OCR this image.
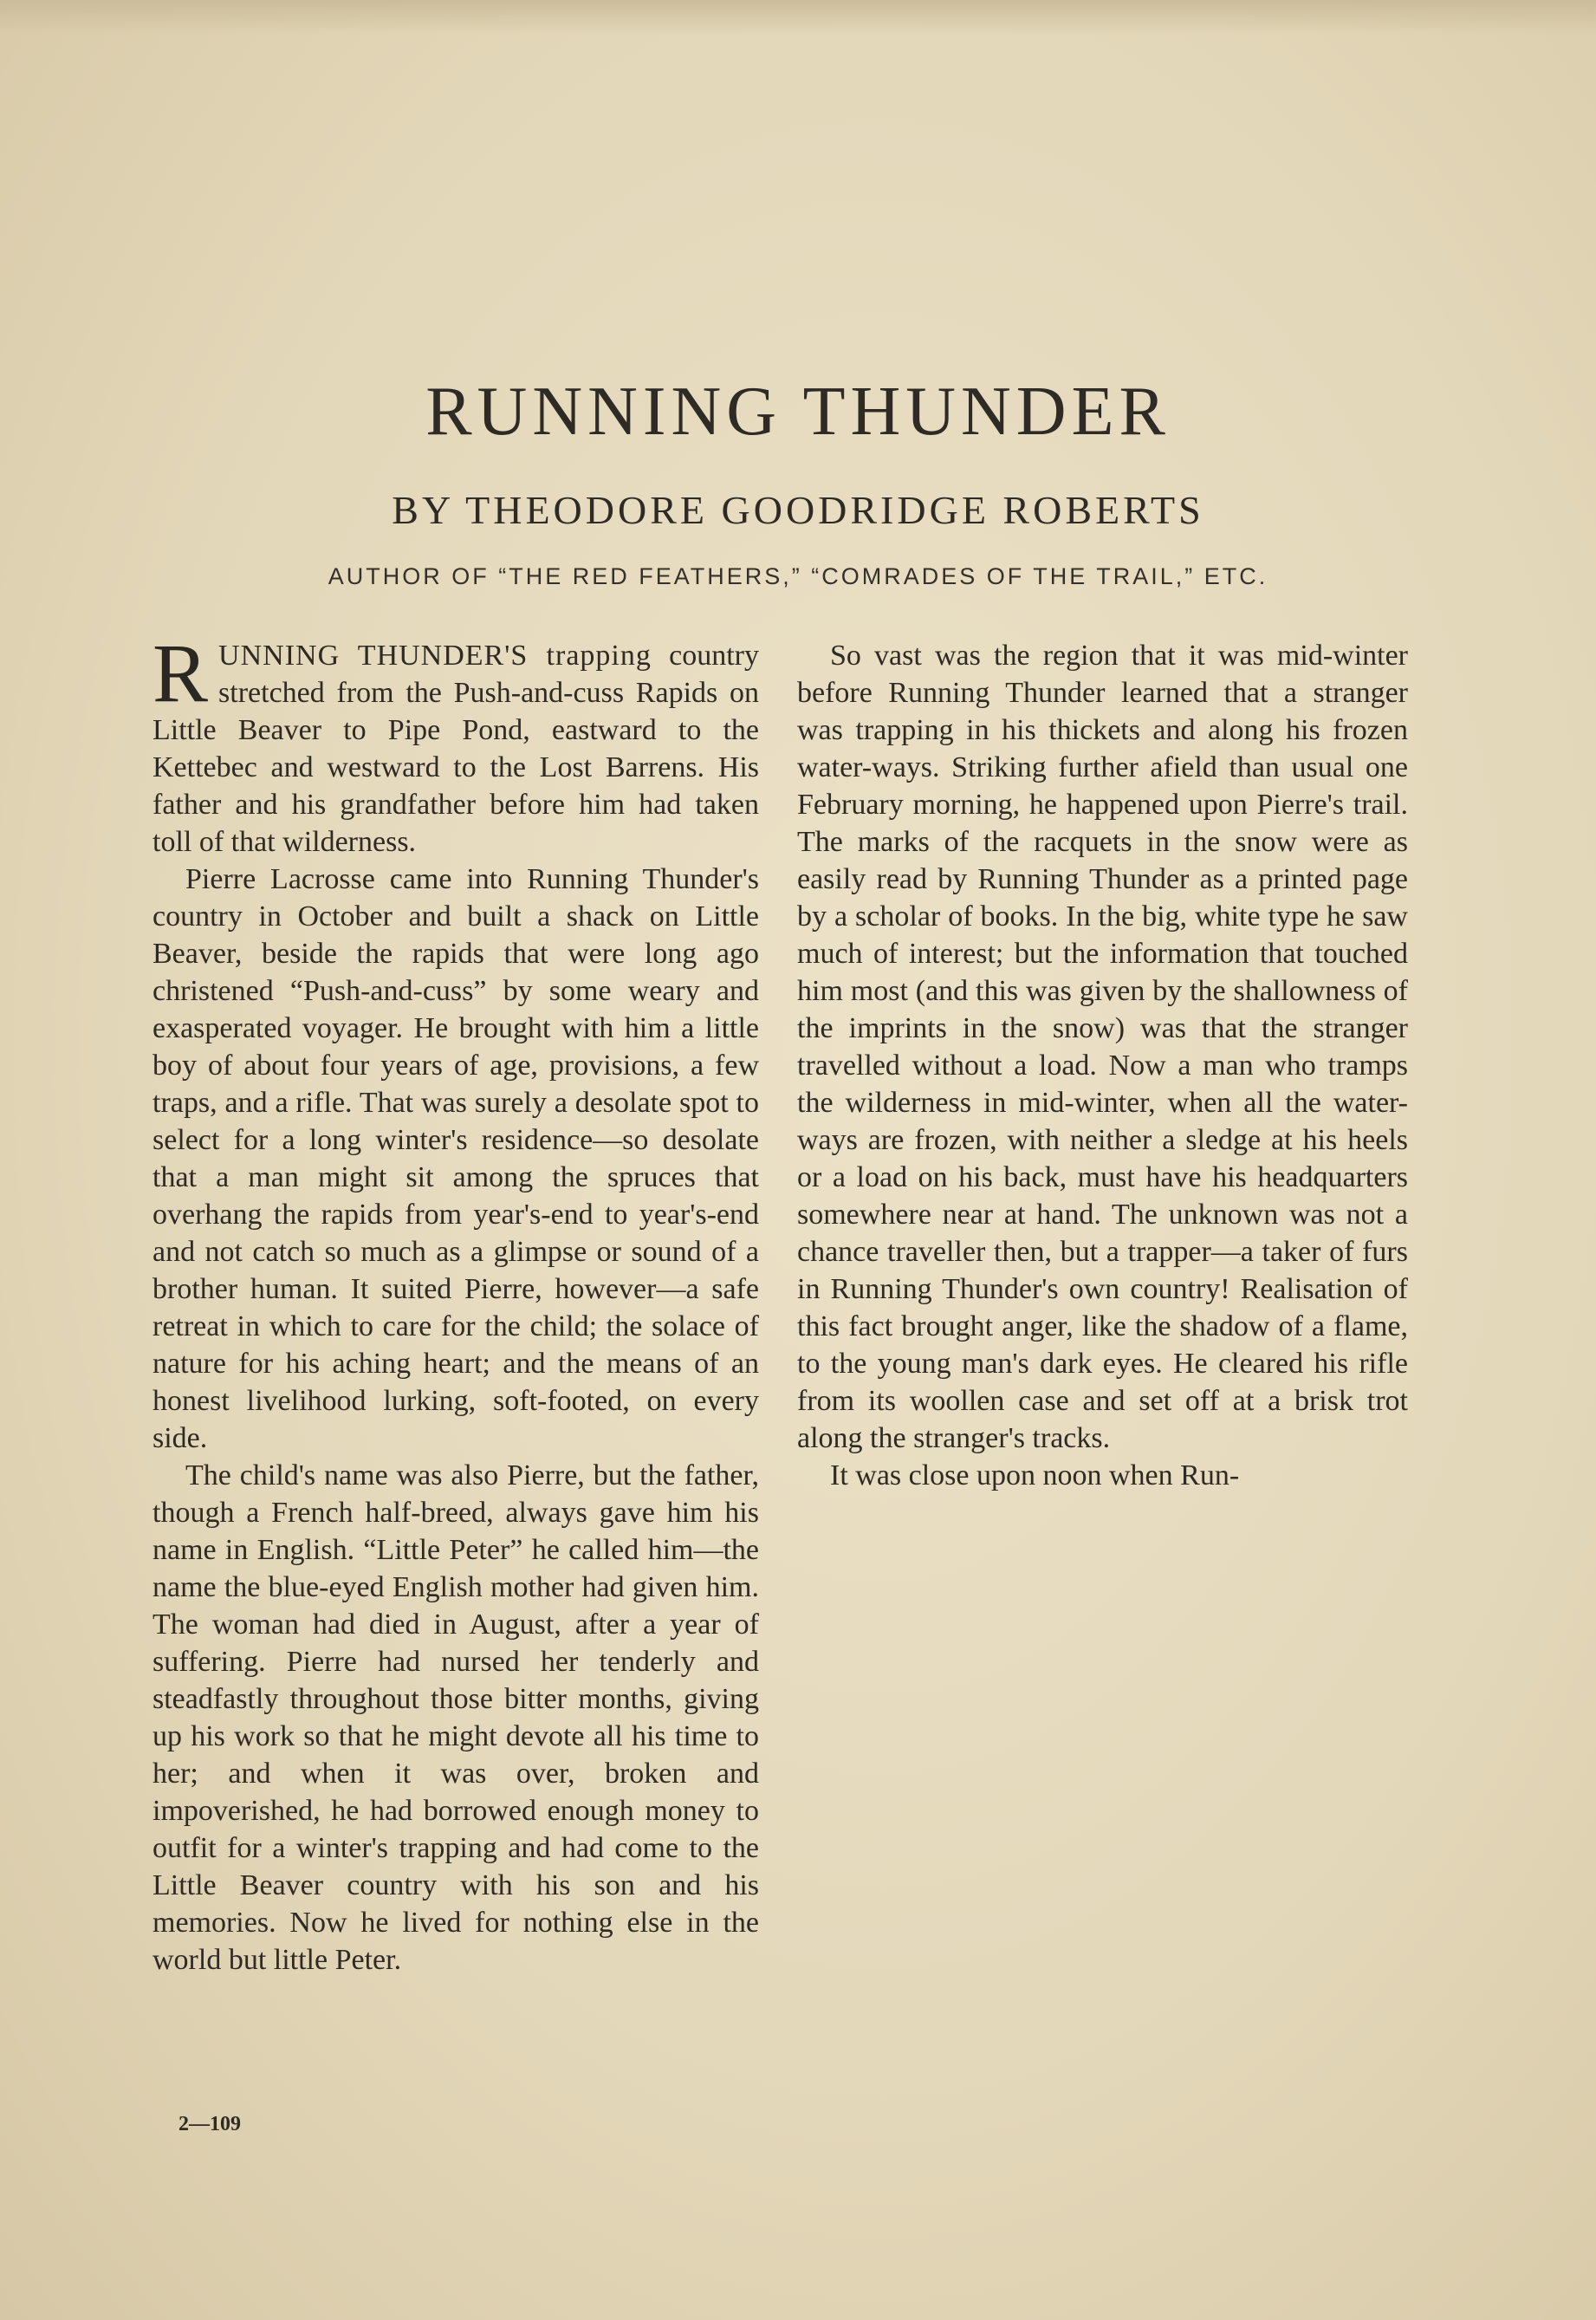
RUNNING THUNDER
BY THEODORE GOODRIDGE ROBERTS

AUTHOR OF “THE RED FEATHERS,” “COMRADES OF THE TRAIL,” ETC.

RUNNING THUNDER'S trapping country stretched from the Push-and-cuss Rapids on Little Beaver to Pipe Pond, eastward to the Kettebec and westward to the Lost Barrens. His father and his grandfather before him had taken toll of that wilderness.

Pierre Lacrosse came into Running Thunder's country in October and built a shack on Little Beaver, beside the rapids that were long ago christened “Push-and-cuss” by some weary and exasperated voyager. He brought with him a little boy of about four years of age, provisions, a few traps, and a rifle. That was surely a desolate spot to select for a long winter's residence—so desolate that a man might sit among the spruces that overhang the rapids from year's-end to year's-end and not catch so much as a glimpse or sound of a brother human. It suited Pierre, however—a safe retreat in which to care for the child; the solace of nature for his aching heart; and the means of an honest livelihood lurking, soft-footed, on every side.

The child's name was also Pierre, but the father, though a French half-breed, always gave him his name in English. “Little Peter” he called him—the name the blue-eyed English mother had given him. The woman had died in August, after a year of suffering. Pierre had nursed her tenderly and steadfastly throughout those bitter months, giving up his work so that he might devote all his time to her; and when it was over, broken and impoverished, he had borrowed enough money to outfit for a winter's trapping and had come to the Little Beaver country with his son and his memories. Now he lived for nothing else in the world but little Peter.

So vast was the region that it was mid-winter before Running Thunder learned that a stranger was trapping in his thickets and along his frozen water-ways. Striking further afield than usual one February morning, he happened upon Pierre's trail. The marks of the racquets in the snow were as easily read by Running Thunder as a printed page by a scholar of books. In the big, white type he saw much of interest; but the information that touched him most (and this was given by the shallowness of the imprints in the snow) was that the stranger travelled without a load. Now a man who tramps the wilderness in mid-winter, when all the water-ways are frozen, with neither a sledge at his heels or a load on his back, must have his headquarters somewhere near at hand. The unknown was not a chance traveller then, but a trapper—a taker of furs in Running Thunder's own country! Realisation of this fact brought anger, like the shadow of a flame, to the young man's dark eyes. He cleared his rifle from its woollen case and set off at a brisk trot along the stranger's tracks.

It was close upon noon when Run-

2—109
